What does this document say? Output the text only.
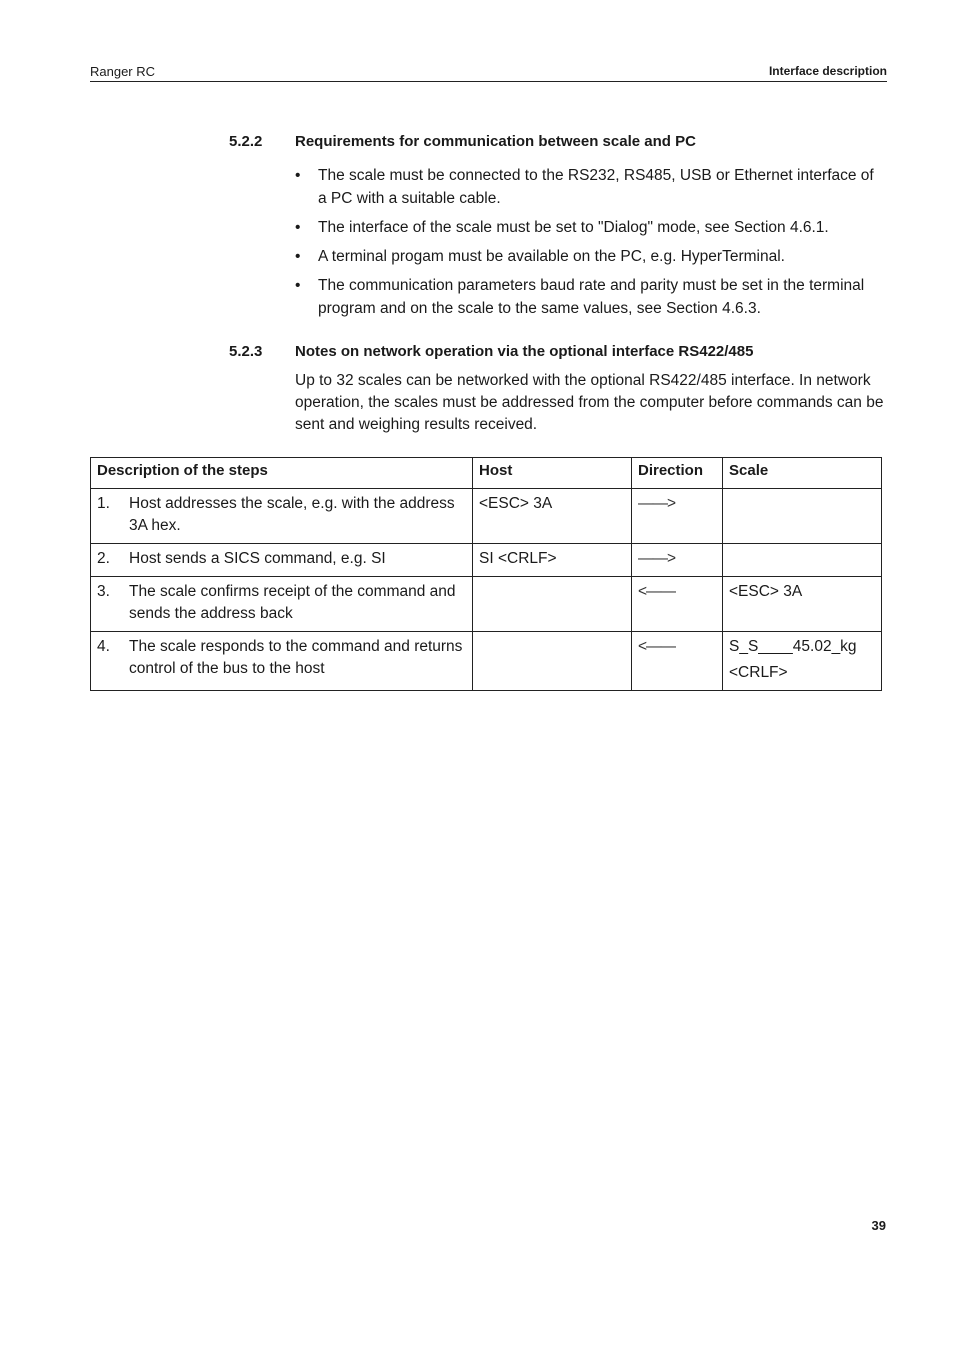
Ranger RC	Interface description
5.2.2 Requirements for communication between scale and PC
• The scale must be connected to the RS232, RS485, USB or Ethernet interface of a PC with a suitable cable.
• The interface of the scale must be set to "Dialog" mode, see Section 4.6.1.
• A terminal progam must be available on the PC, e.g. HyperTerminal.
• The communication parameters baud rate and parity must be set in the terminal program and on the scale to the same values, see Section 4.6.3.
5.2.3 Notes on network operation via the optional interface RS422/485
Up to 32 scales can be networked with the optional RS422/485 interface. In network operation, the scales must be addressed from the computer before commands can be sent and weighing results received.
Description of the steps	Host	Direction	Scale

1. Host addresses the scale, e.g. with the address 3A hex.	<ESC> 3A	——>	

2. Host sends a SICS command, e.g. SI	SI <CRLF>	——>	

3. The scale confirms receipt of the command and sends the address back		<——	<ESC> 3A

4. The scale responds to the command and returns control of the bus to the host		<——	S_S____45.02_kg
<CRLF>
39
